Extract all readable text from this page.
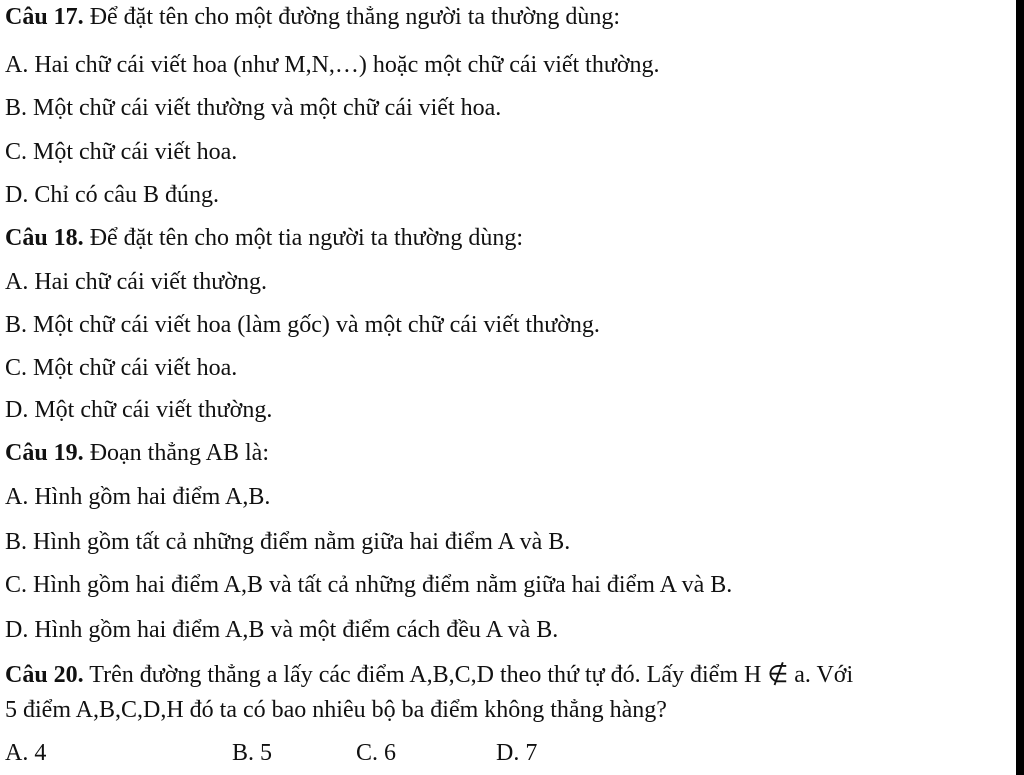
Câu 17. Để đặt tên cho một đường thẳng người ta thường dùng:
A. Hai chữ cái viết hoa (như M,N,…) hoặc một chữ cái viết thường.
B. Một chữ cái viết thường và một chữ cái viết hoa.
C. Một chữ cái viết hoa.
D. Chỉ có câu B đúng.
Câu 18. Để đặt tên cho một tia người ta thường dùng:
A. Hai chữ cái viết thường.
B. Một chữ cái viết hoa (làm gốc) và một chữ cái viết thường.
C. Một chữ cái viết hoa.
D. Một chữ cái viết thường.
Câu 19. Đoạn thẳng AB là:
A. Hình gồm hai điểm A,B.
B. Hình gồm tất cả những điểm nằm giữa hai điểm A và B.
C. Hình gồm hai điểm A,B và tất cả những điểm nằm giữa hai điểm A và B.
D. Hình gồm hai điểm A,B và một điểm cách đều A và B.
Câu 20. Trên đường thẳng a lấy các điểm A,B,C,D theo thứ tự đó. Lấy điểm H ∉ a. Với
5 điểm A,B,C,D,H đó ta có bao nhiêu bộ ba điểm không thẳng hàng?
A. 4	B. 5	C. 6	D. 7
